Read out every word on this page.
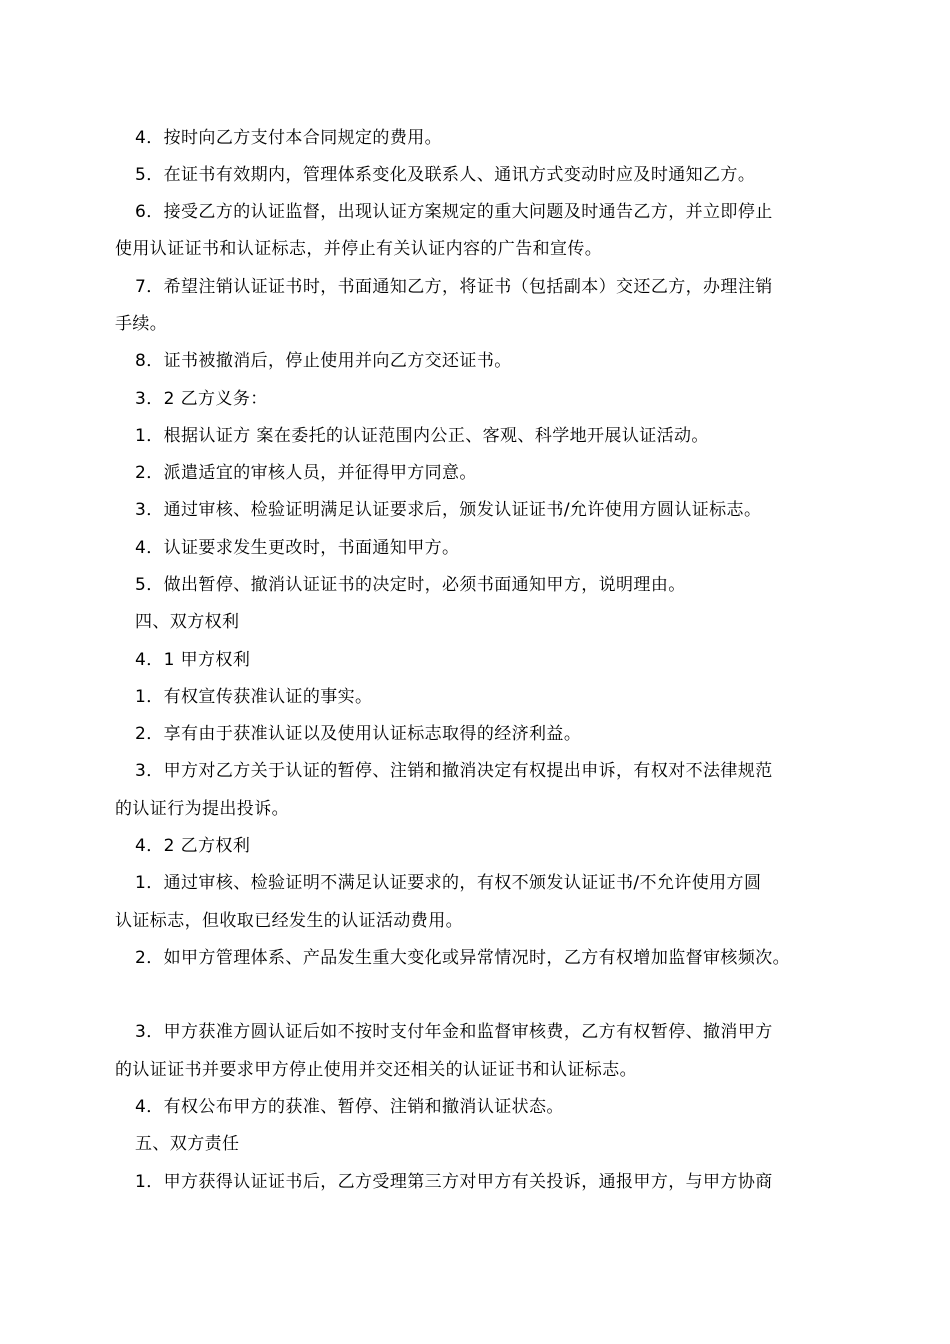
4．按时向乙方支付本合同规定的费用。
5．在证书有效期内，管理体系变化及联系人、通讯方式变动时应及时通知乙方。
6．接受乙方的认证监督，出现认证方案规定的重大问题及时通告乙方，并立即停止
使用认证证书和认证标志，并停止有关认证内容的广告和宣传。
7．希望注销认证证书时，书面通知乙方，将证书（包括副本）交还乙方，办理注销
手续。
8．证书被撤消后，停止使用并向乙方交还证书。
3．2 乙方义务：
1．根据认证方 案在委托的认证范围内公正、客观、科学地开展认证活动。
2．派遣适宜的审核人员，并征得甲方同意。
3．通过审核、检验证明满足认证要求后，颁发认证证书/允许使用方圆认证标志。
4．认证要求发生更改时，书面通知甲方。
5．做出暂停、撤消认证证书的决定时，必须书面通知甲方，说明理由。
四、双方权利
4．1 甲方权利
1．有权宣传获准认证的事实。
2．享有由于获准认证以及使用认证标志取得的经济利益。
3．甲方对乙方关于认证的暂停、注销和撤消决定有权提出申诉，有权对不法律规范
的认证行为提出投诉。
4．2 乙方权利
1．通过审核、检验证明不满足认证要求的，有权不颁发认证证书/不允许使用方圆
认证标志，但收取已经发生的认证活动费用。
2．如甲方管理体系、产品发生重大变化或异常情况时，乙方有权增加监督审核频次。
3．甲方获准方圆认证后如不按时支付年金和监督审核费，乙方有权暂停、撤消甲方
的认证证书并要求甲方停止使用并交还相关的认证证书和认证标志。
4．有权公布甲方的获准、暂停、注销和撤消认证状态。
五、双方责任
1．甲方获得认证证书后，乙方受理第三方对甲方有关投诉，通报甲方，与甲方协商
